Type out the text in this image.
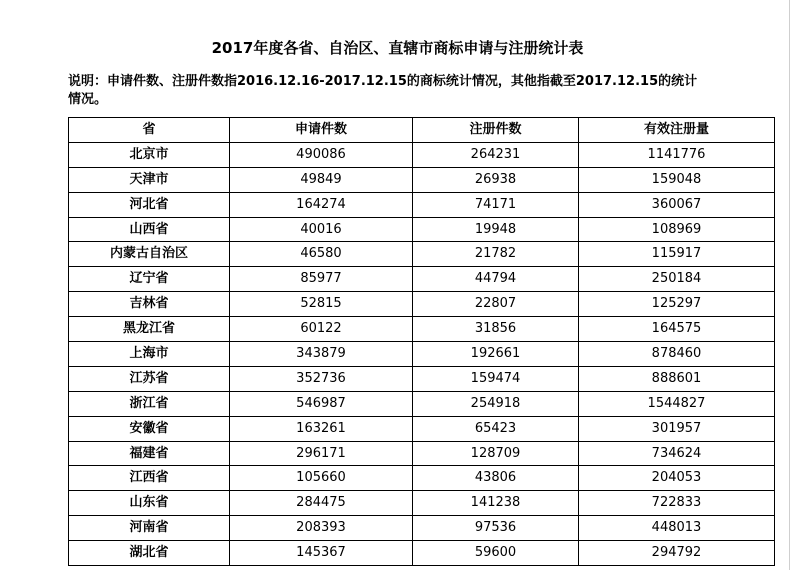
2017年度各省、自治区、直辖市商标申请与注册统计表
说明：申请件数、注册件数指2016.12.16-2017.12.15的商标统计情况，其他指截至2017.12.15的统计情况。
省	申请件数	注册件数	有效注册量
北京市	490086	264231	1141776
天津市	49849	26938	159048
河北省	164274	74171	360067
山西省	40016	19948	108969
内蒙古自治区	46580	21782	115917
辽宁省	85977	44794	250184
吉林省	52815	22807	125297
黑龙江省	60122	31856	164575
上海市	343879	192661	878460
江苏省	352736	159474	888601
浙江省	546987	254918	1544827
安徽省	163261	65423	301957
福建省	296171	128709	734624
江西省	105660	43806	204053
山东省	284475	141238	722833
河南省	208393	97536	448013
湖北省	145367	59600	294792
